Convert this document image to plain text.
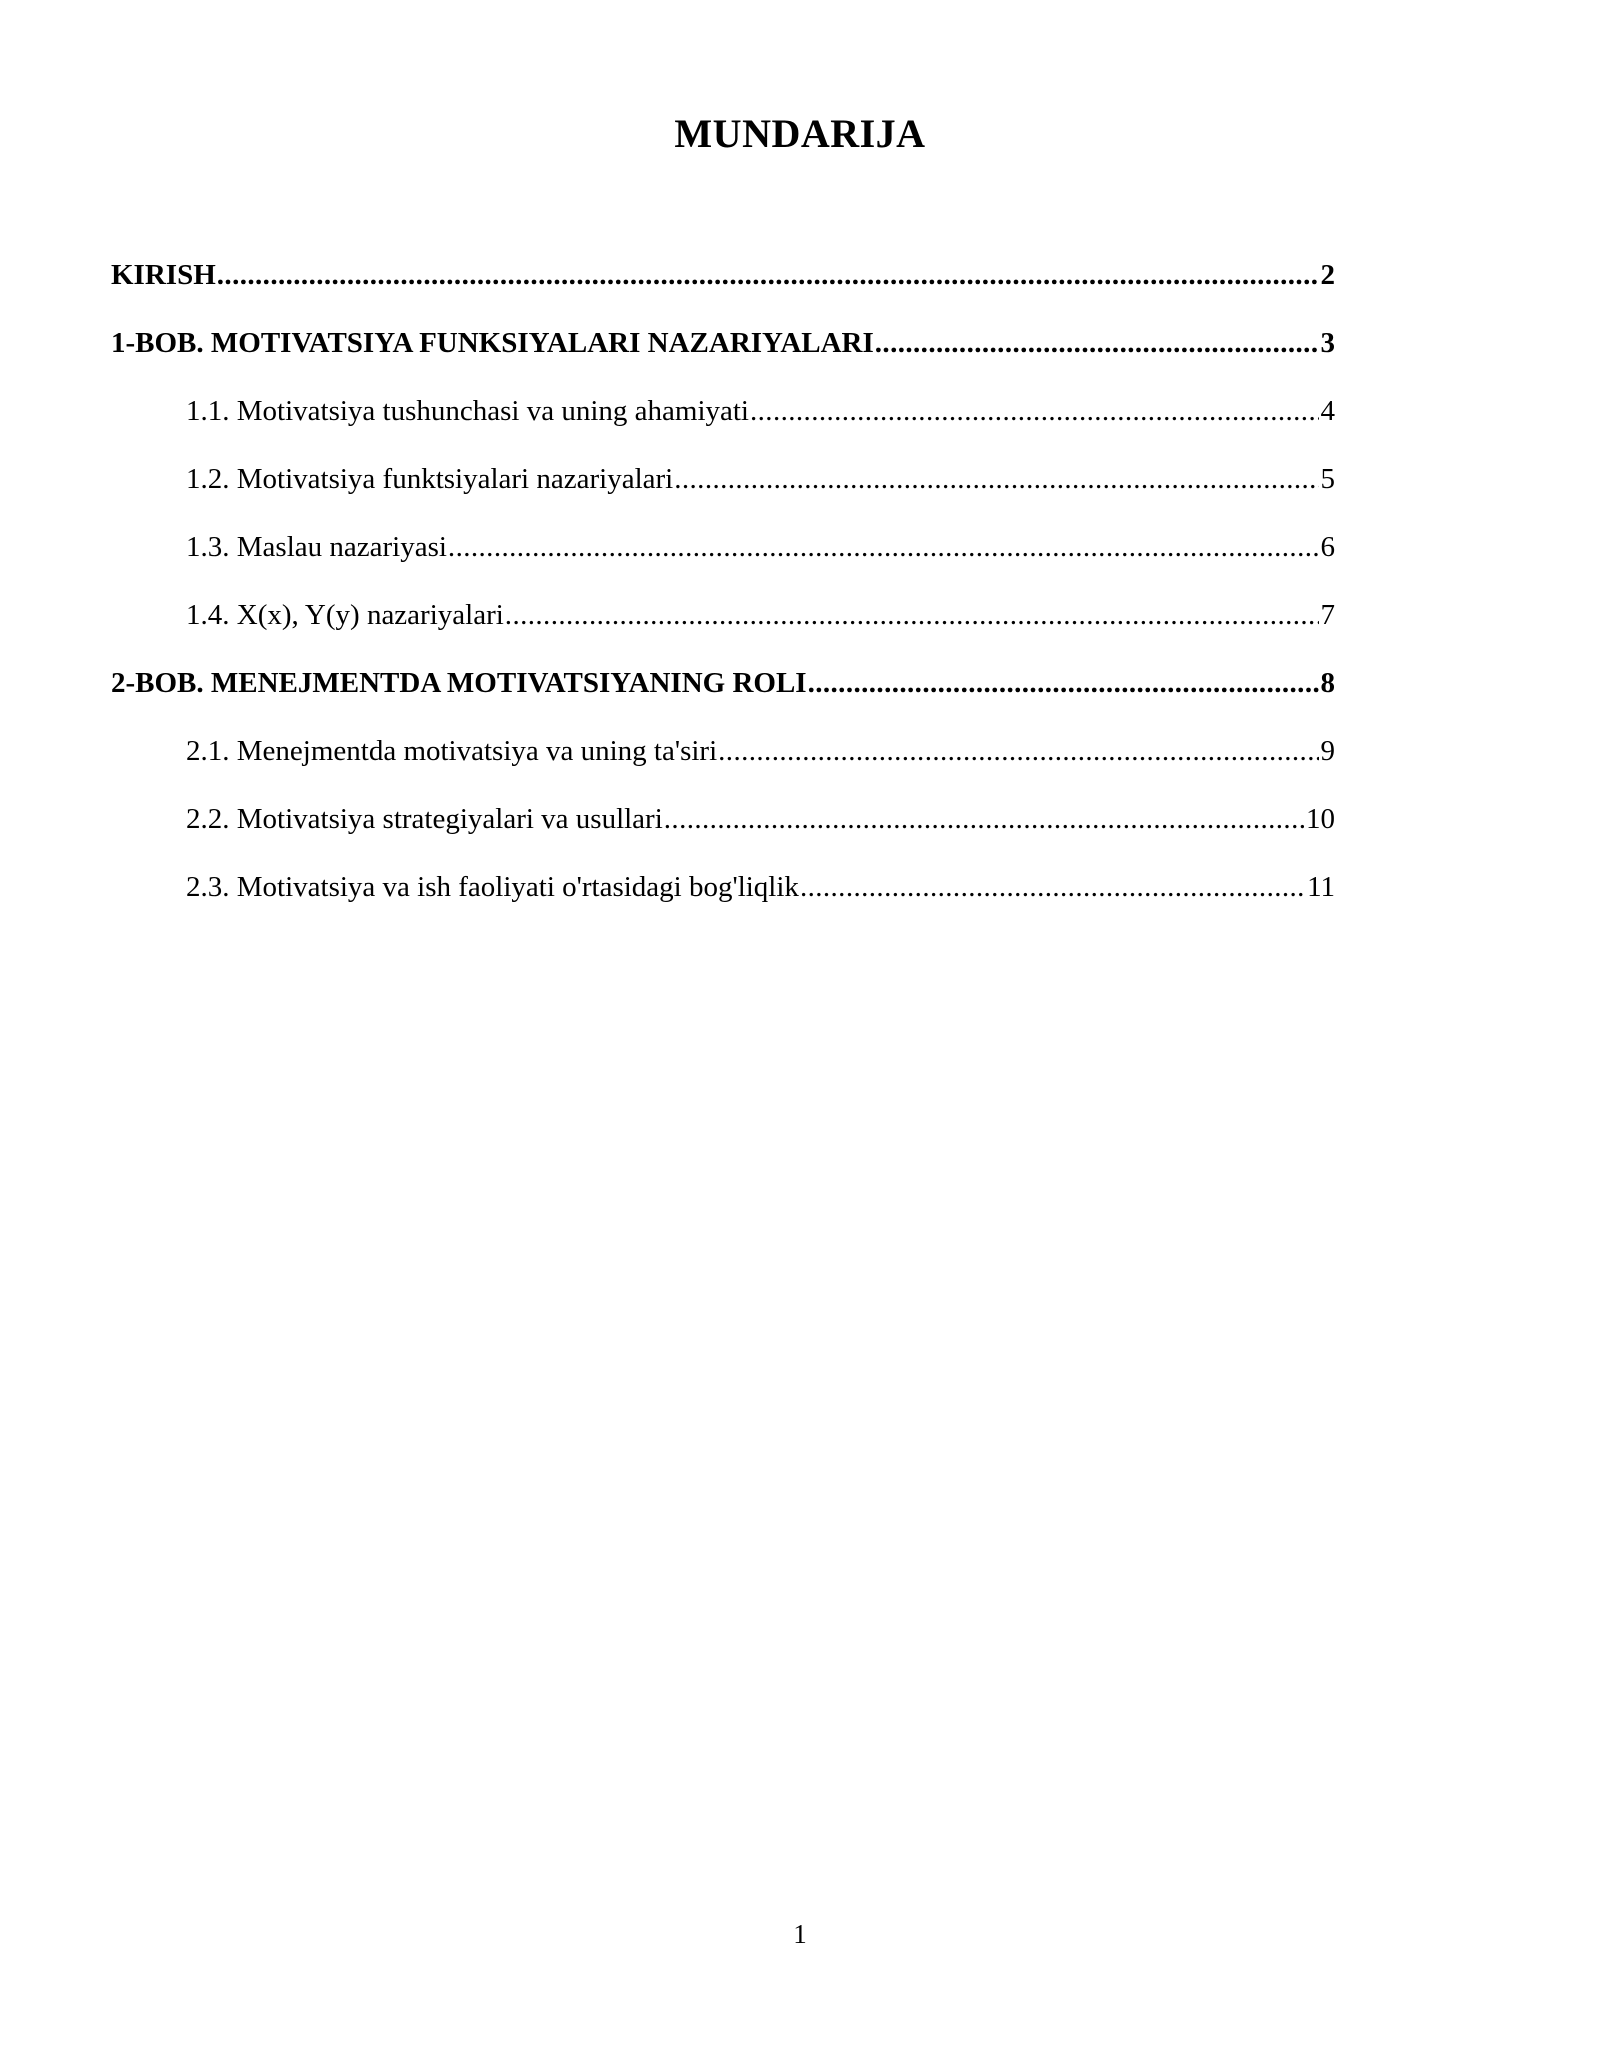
MUNDARIJA
KIRISH .....	2
1-BOB. MOTIVATSIYA FUNKSIYALARI NAZARIYALARI .....	3
1.1. Motivatsiya tushunchasi va uning ahamiyati .....	4
1.2. Motivatsiya funktsiyalari nazariyalari .....	5
1.3. Maslau nazariyasi .....	6
1.4. X(x), Y(y) nazariyalari .....	7
2-BOB. MENEJMENTDA MOTIVATSIYANING ROLI .....	8
2.1. Menejmentda motivatsiya va uning ta'siri .....	9
2.2. Motivatsiya strategiyalari va usullari .....	10
2.3. Motivatsiya va ish faoliyati o'rtasidagi bog'liqlik .....	11
1
